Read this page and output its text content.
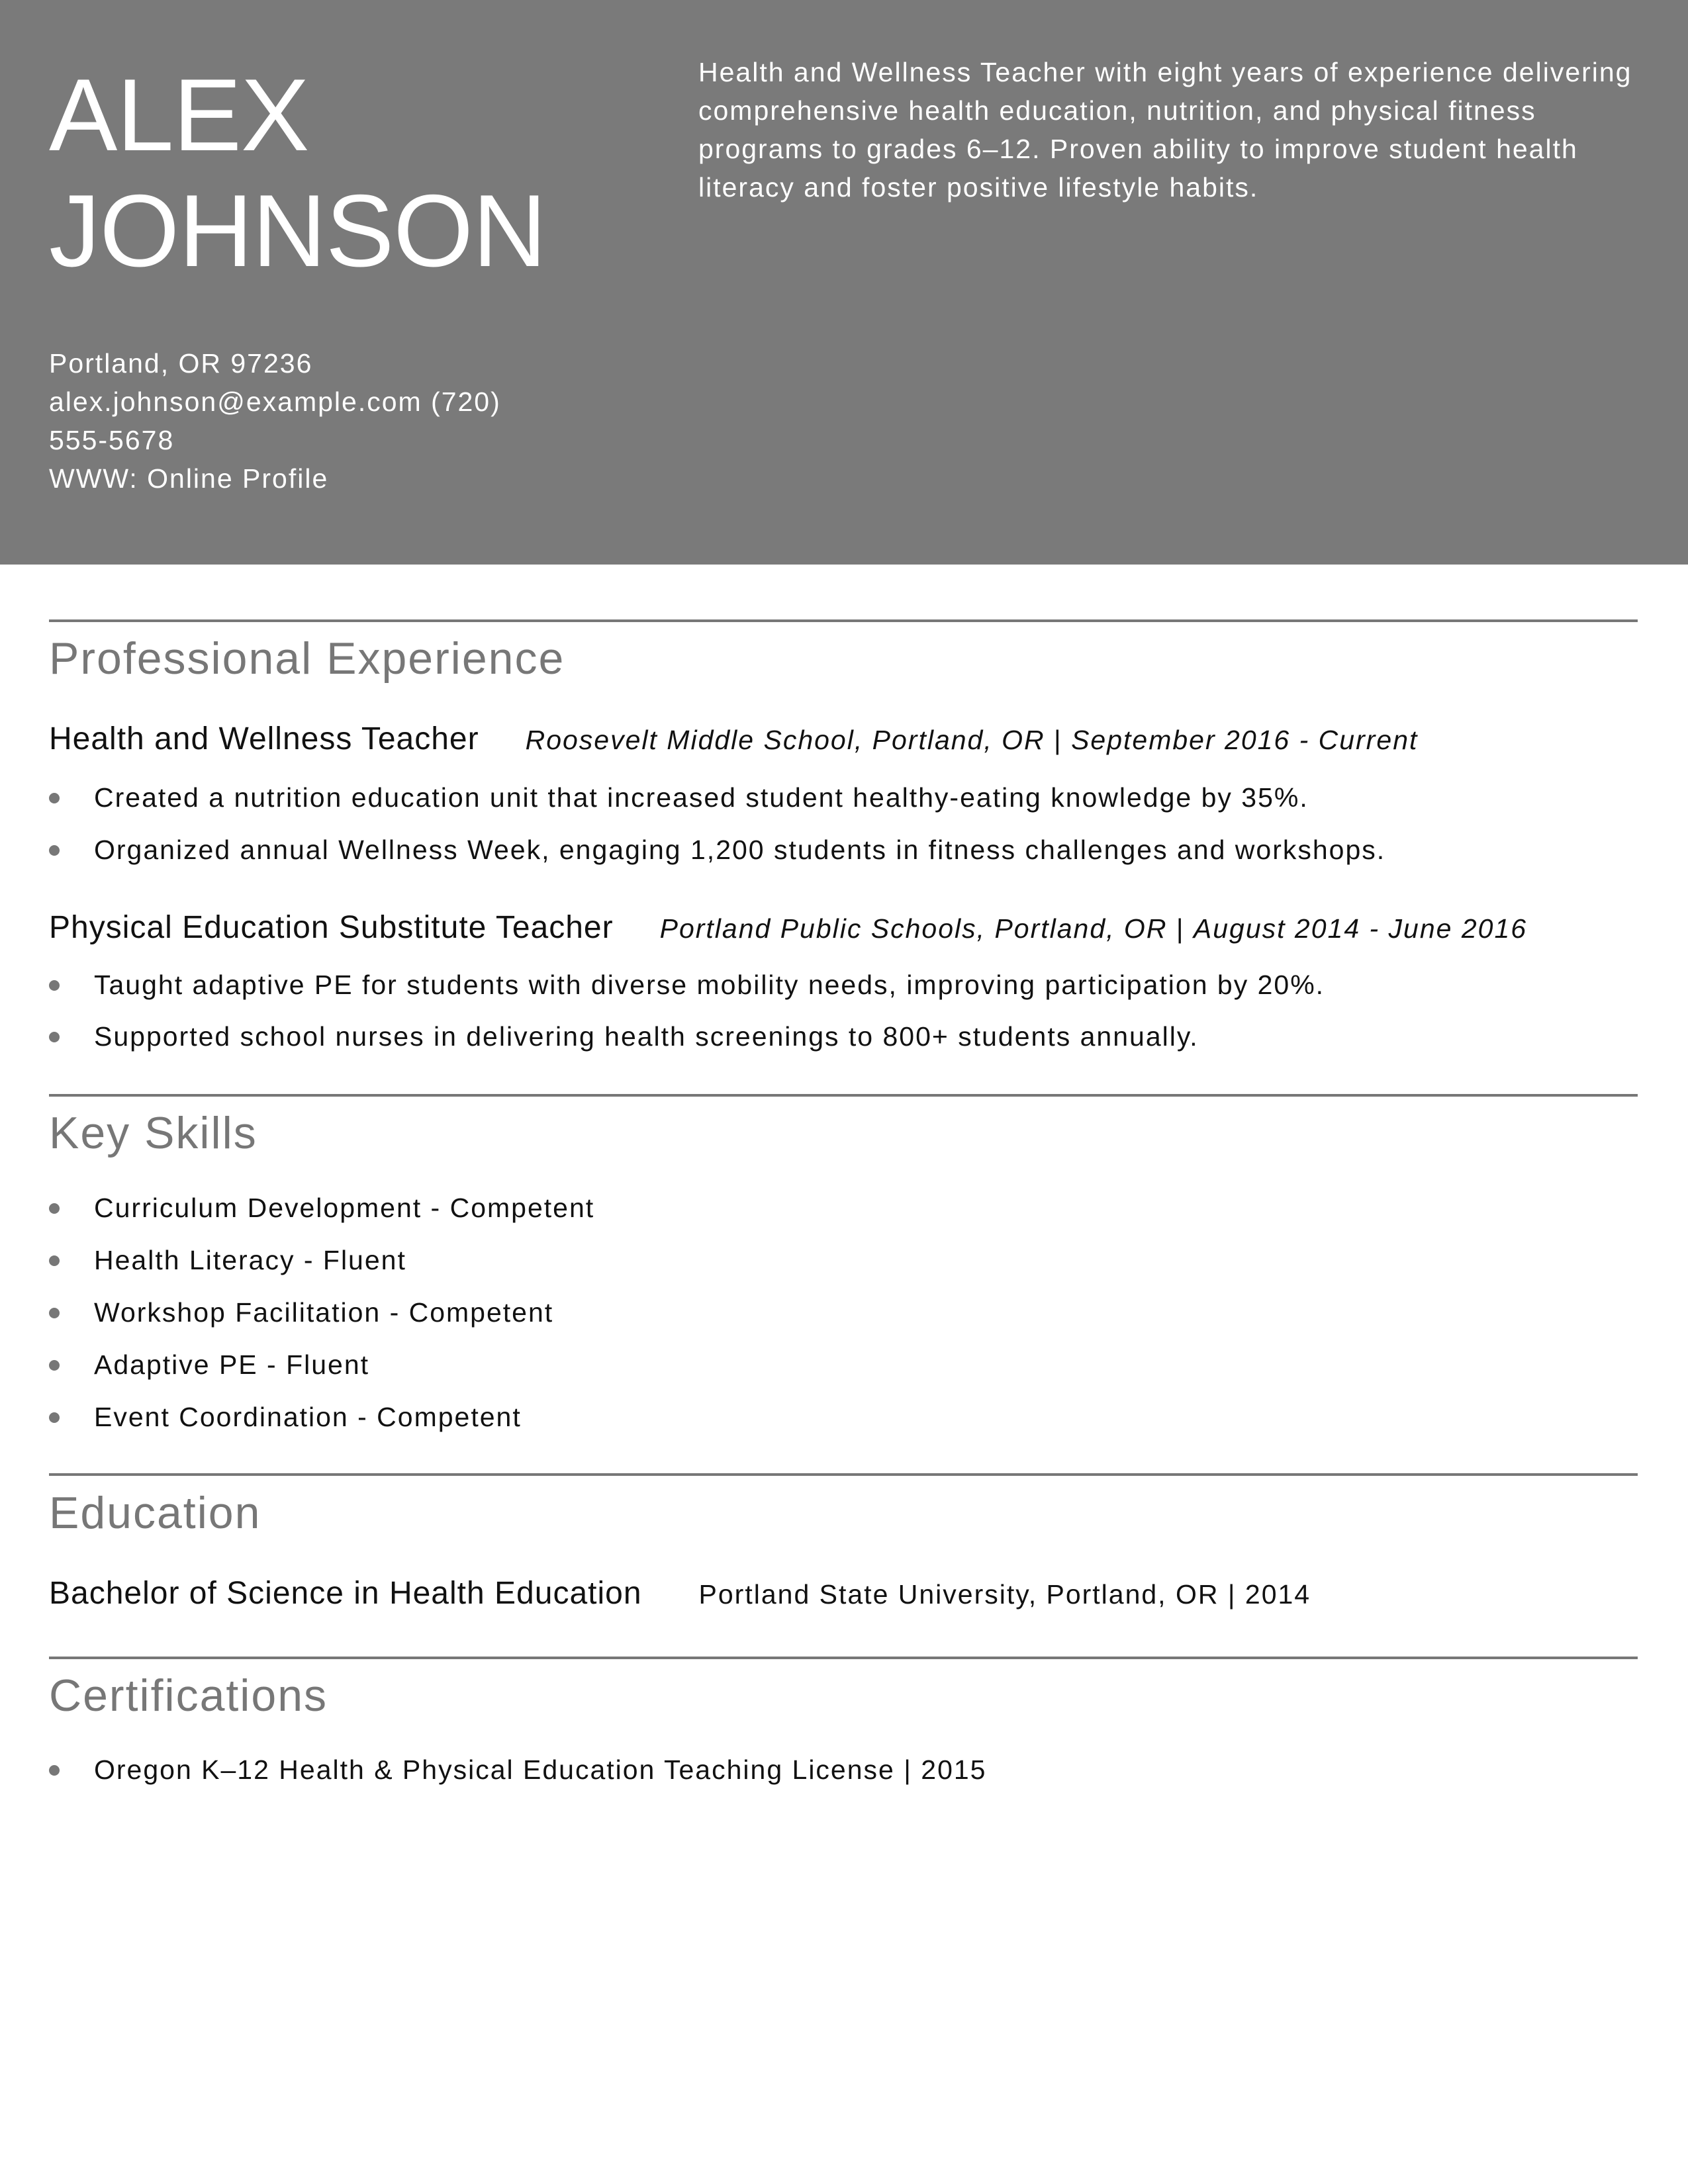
ALEX
JOHNSON
Health and Wellness Teacher with eight years of experience delivering comprehensive health education, nutrition, and physical fitness programs to grades 6–12. Proven ability to improve student health literacy and foster positive lifestyle habits.
Portland, OR 97236
alex.johnson@example.com (720)
555-5678
WWW: Online Profile
Professional Experience
Health and Wellness Teacher Roosevelt Middle School, Portland, OR | September 2016 - Current
Created a nutrition education unit that increased student healthy-eating knowledge by 35%.
Organized annual Wellness Week, engaging 1,200 students in fitness challenges and workshops.
Physical Education Substitute Teacher Portland Public Schools, Portland, OR | August 2014 - June 2016
Taught adaptive PE for students with diverse mobility needs, improving participation by 20%.
Supported school nurses in delivering health screenings to 800+ students annually.
Key Skills
Curriculum Development - Competent
Health Literacy - Fluent
Workshop Facilitation - Competent
Adaptive PE - Fluent
Event Coordination - Competent
Education
Bachelor of Science in Health Education Portland State University, Portland, OR | 2014
Certifications
Oregon K–12 Health & Physical Education Teaching License | 2015
